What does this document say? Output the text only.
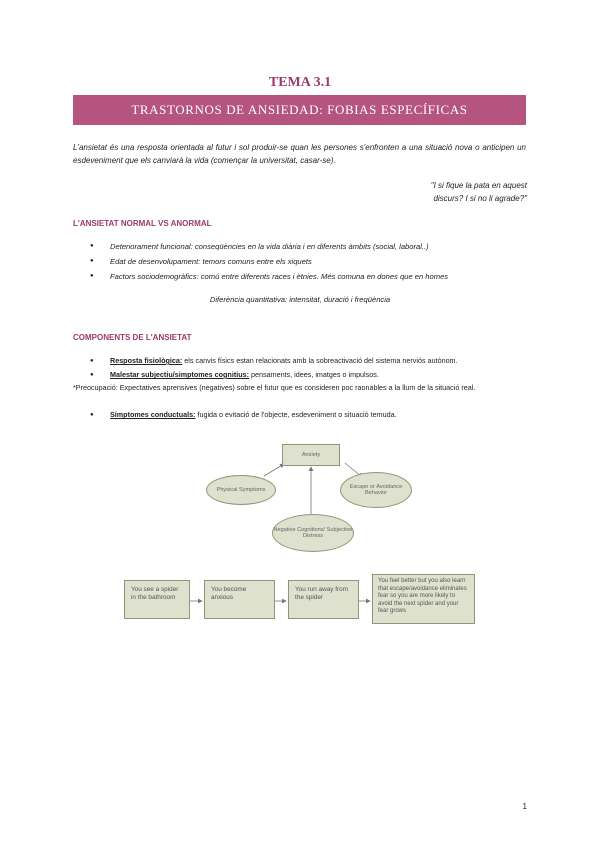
TEMA 3.1
TRASTORNOS DE ANSIEDAD: FOBIAS ESPECÍFICAS
L'ansietat és una resposta orientada al futur i sol produir-se quan les persones s'enfronten a una situació nova o anticipen un esdeveniment que els canviarà la vida (començar la universitat, casar-se).
"I si fique la pata en aquest
discurs? I si no li agrade?"
L'ANSIETAT NORMAL VS ANORMAL
● Deteriorament funcional: conseqüències en la vida diària i en diferents àmbits (social, laboral..)
● Edat de desenvolupament: temors comuns entre els xiquets
● Factors sociodemogràfics: comú entre diferents races i ètnies. Més comuna en dones que en homes
Diferència quantitativa: intensitat, duració i freqüència
COMPONENTS DE L'ANSIETAT
● Resposta fisiològica: els canvis físics estan relacionats amb la sobreactivació del sistema nerviós autònom.
● Malestar subjectiu/simptomes cognitius: pensaments, idees, imatges o impulsos.
*Preocupació: Expectatives aprensives (negatives) sobre el futur que es consideren poc raonables a la llum de la situació real.
● Símptomes conductuals: fugida o evitació de l'objecte, esdeveniment o situació temuda.
Anxiety
Physical Symptoms
Escape or Avoidance Behavior
Negative Cognitions/ Subjective Distress
You see a spider in the bathroom
You become anxious
You run away from the spider
You feel better but you also learn that escape/avoidance eliminates fear so you are more likely to avoid the next spider and your fear grows
1
